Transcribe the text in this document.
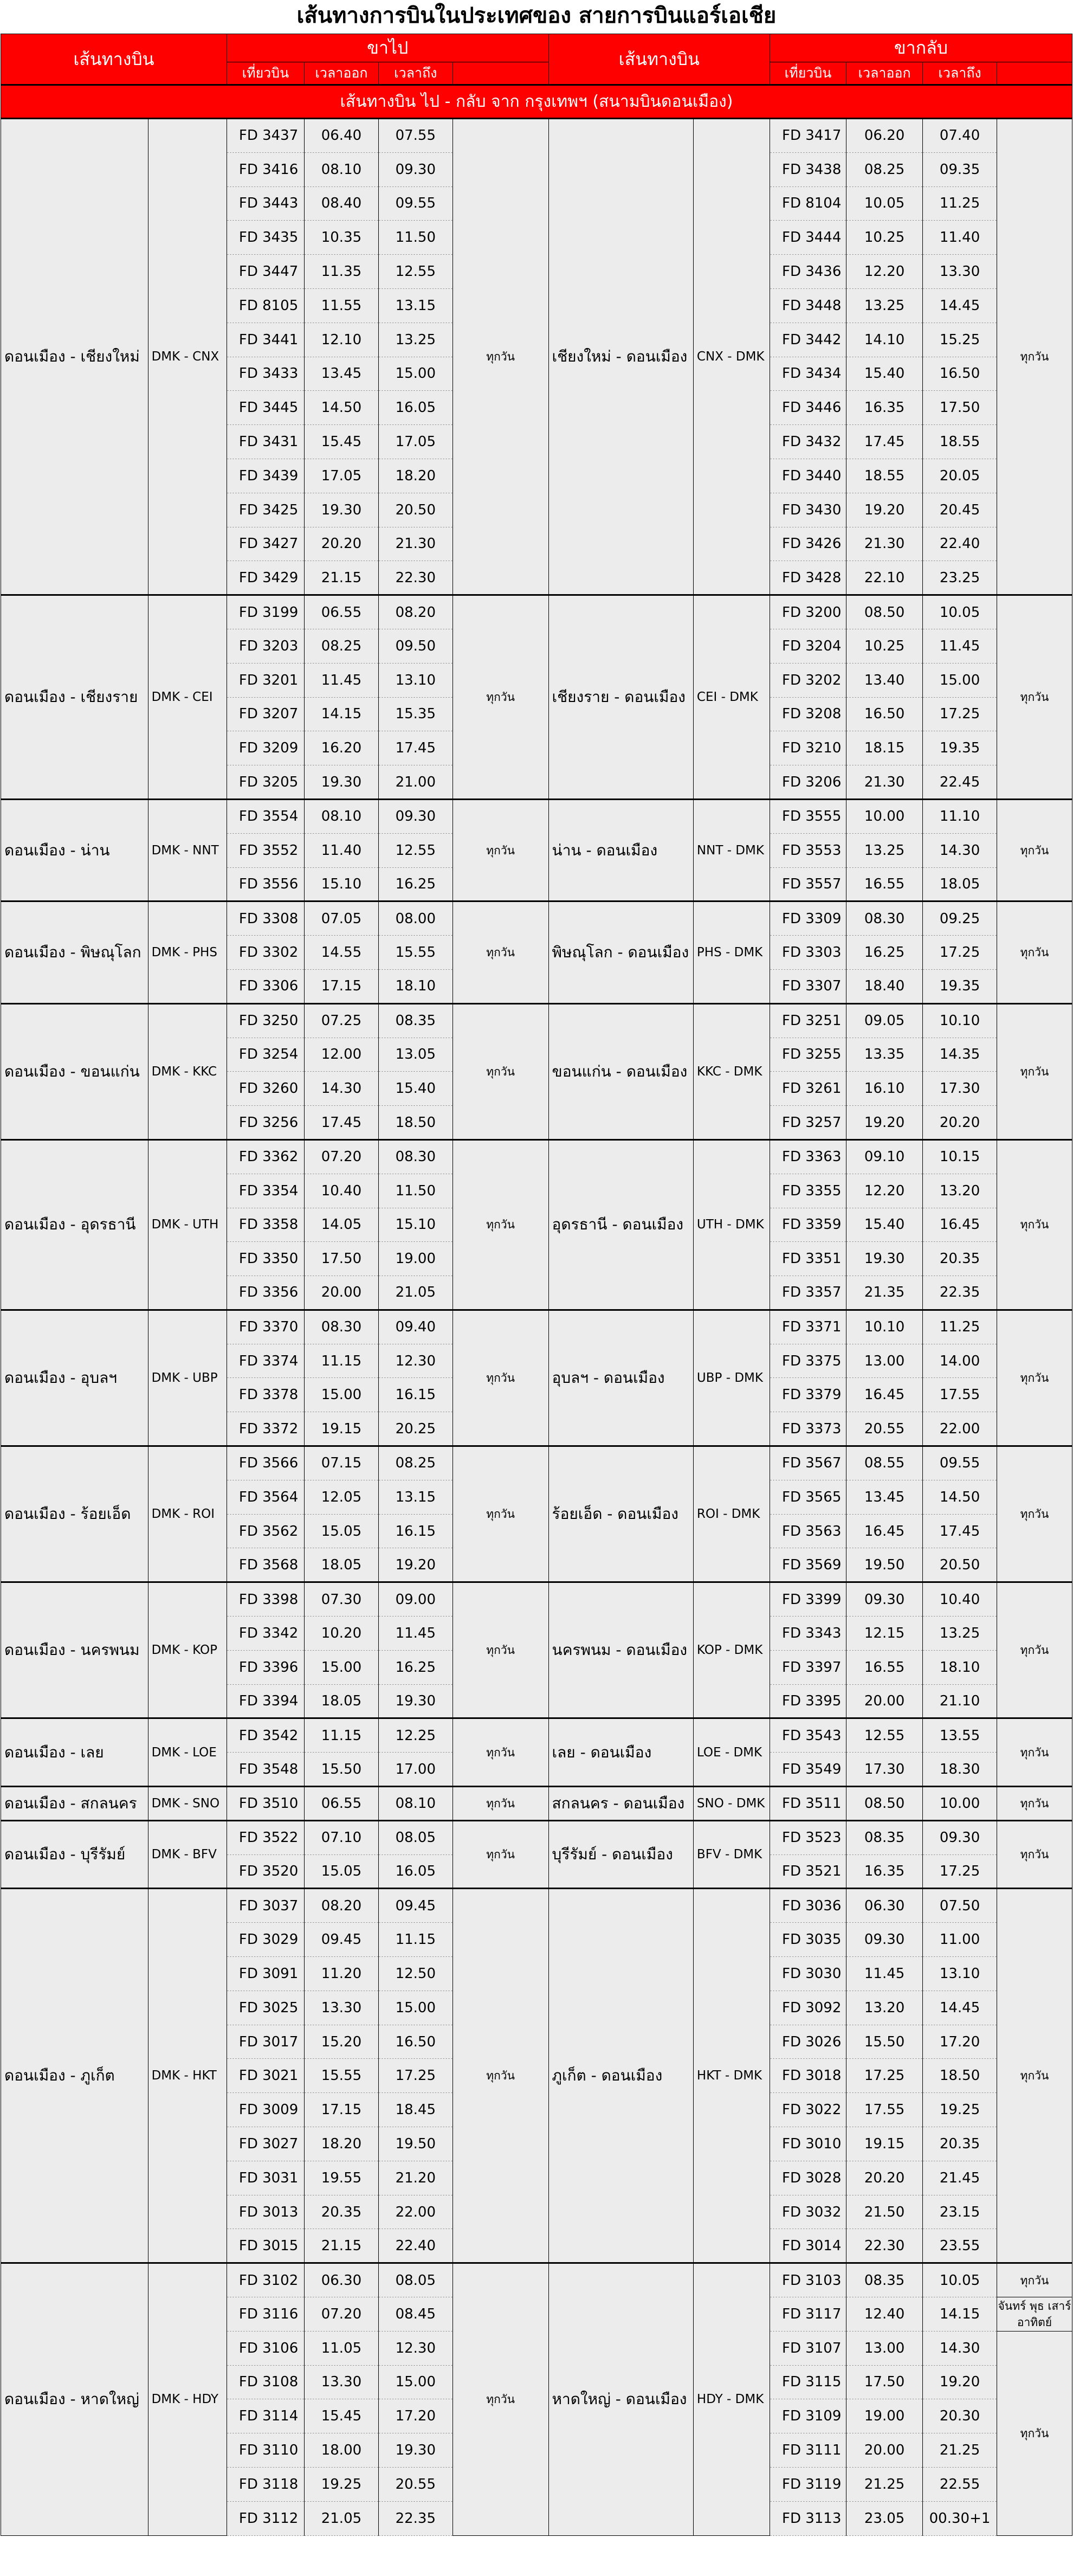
เส้นทางการบินในประเทศของ สายการบินแอร์เอเชีย
เส้นทางบิน		ขาไป				เส้นทางบิน		ขากลับ			
		เที่ยวบิน	เวลาออก	เวลาถึง				เที่ยวบิน	เวลาออก	เวลาถึง	
เส้นทางบิน ไป - กลับ จาก กรุงเทพฯ (สนามบินดอนเมือง)											
ดอนเมือง - เชียงใหม่	DMK - CNX	FD 3437	06.40	07.55	ทุกวัน	เชียงใหม่ - ดอนเมือง	CNX - DMK	FD 3417	06.20	07.40	ทุกวัน
		FD 3416	08.10	09.30				FD 3438	08.25	09.35	
		FD 3443	08.40	09.55				FD 8104	10.05	11.25	
		FD 3435	10.35	11.50				FD 3444	10.25	11.40	
		FD 3447	11.35	12.55				FD 3436	12.20	13.30	
		FD 8105	11.55	13.15				FD 3448	13.25	14.45	
		FD 3441	12.10	13.25				FD 3442	14.10	15.25	
		FD 3433	13.45	15.00				FD 3434	15.40	16.50	
		FD 3445	14.50	16.05				FD 3446	16.35	17.50	
		FD 3431	15.45	17.05				FD 3432	17.45	18.55	
		FD 3439	17.05	18.20				FD 3440	18.55	20.05	
		FD 3425	19.30	20.50				FD 3430	19.20	20.45	
		FD 3427	20.20	21.30				FD 3426	21.30	22.40	
		FD 3429	21.15	22.30				FD 3428	22.10	23.25	
ดอนเมือง - เชียงราย	DMK - CEI	FD 3199	06.55	08.20	ทุกวัน	เชียงราย - ดอนเมือง	CEI - DMK	FD 3200	08.50	10.05	ทุกวัน
		FD 3203	08.25	09.50				FD 3204	10.25	11.45	
		FD 3201	11.45	13.10				FD 3202	13.40	15.00	
		FD 3207	14.15	15.35				FD 3208	16.50	17.25	
		FD 3209	16.20	17.45				FD 3210	18.15	19.35	
		FD 3205	19.30	21.00				FD 3206	21.30	22.45	
ดอนเมือง - น่าน	DMK - NNT	FD 3554	08.10	09.30	ทุกวัน	น่าน - ดอนเมือง	NNT - DMK	FD 3555	10.00	11.10	ทุกวัน
		FD 3552	11.40	12.55				FD 3553	13.25	14.30	
		FD 3556	15.10	16.25				FD 3557	16.55	18.05	
ดอนเมือง - พิษณุโลก	DMK - PHS	FD 3308	07.05	08.00	ทุกวัน	พิษณุโลก - ดอนเมือง	PHS - DMK	FD 3309	08.30	09.25	ทุกวัน
		FD 3302	14.55	15.55				FD 3303	16.25	17.25	
		FD 3306	17.15	18.10				FD 3307	18.40	19.35	
ดอนเมือง - ขอนแก่น	DMK - KKC	FD 3250	07.25	08.35	ทุกวัน	ขอนแก่น - ดอนเมือง	KKC - DMK	FD 3251	09.05	10.10	ทุกวัน
		FD 3254	12.00	13.05				FD 3255	13.35	14.35	
		FD 3260	14.30	15.40				FD 3261	16.10	17.30	
		FD 3256	17.45	18.50				FD 3257	19.20	20.20	
ดอนเมือง - อุดรธานี	DMK - UTH	FD 3362	07.20	08.30	ทุกวัน	อุดรธานี - ดอนเมือง	UTH - DMK	FD 3363	09.10	10.15	ทุกวัน
		FD 3354	10.40	11.50				FD 3355	12.20	13.20	
		FD 3358	14.05	15.10				FD 3359	15.40	16.45	
		FD 3350	17.50	19.00				FD 3351	19.30	20.35	
		FD 3356	20.00	21.05				FD 3357	21.35	22.35	
ดอนเมือง - อุบลฯ	DMK - UBP	FD 3370	08.30	09.40	ทุกวัน	อุบลฯ - ดอนเมือง	UBP - DMK	FD 3371	10.10	11.25	ทุกวัน
		FD 3374	11.15	12.30				FD 3375	13.00	14.00	
		FD 3378	15.00	16.15				FD 3379	16.45	17.55	
		FD 3372	19.15	20.25				FD 3373	20.55	22.00	
ดอนเมือง - ร้อยเอ็ด	DMK - ROI	FD 3566	07.15	08.25	ทุกวัน	ร้อยเอ็ด - ดอนเมือง	ROI - DMK	FD 3567	08.55	09.55	ทุกวัน
		FD 3564	12.05	13.15				FD 3565	13.45	14.50	
		FD 3562	15.05	16.15				FD 3563	16.45	17.45	
		FD 3568	18.05	19.20				FD 3569	19.50	20.50	
ดอนเมือง - นครพนม	DMK - KOP	FD 3398	07.30	09.00	ทุกวัน	นครพนม - ดอนเมือง	KOP - DMK	FD 3399	09.30	10.40	ทุกวัน
		FD 3342	10.20	11.45				FD 3343	12.15	13.25	
		FD 3396	15.00	16.25				FD 3397	16.55	18.10	
		FD 3394	18.05	19.30				FD 3395	20.00	21.10	
ดอนเมือง - เลย	DMK - LOE	FD 3542	11.15	12.25	ทุกวัน	เลย - ดอนเมือง	LOE - DMK	FD 3543	12.55	13.55	ทุกวัน
		FD 3548	15.50	17.00				FD 3549	17.30	18.30	
ดอนเมือง - สกลนคร	DMK - SNO	FD 3510	06.55	08.10	ทุกวัน	สกลนคร - ดอนเมือง	SNO - DMK	FD 3511	08.50	10.00	ทุกวัน
ดอนเมือง - บุรีรัมย์	DMK - BFV	FD 3522	07.10	08.05	ทุกวัน	บุรีรัมย์ - ดอนเมือง	BFV - DMK	FD 3523	08.35	09.30	ทุกวัน
		FD 3520	15.05	16.05				FD 3521	16.35	17.25	
ดอนเมือง - ภูเก็ต	DMK - HKT	FD 3037	08.20	09.45	ทุกวัน	ภูเก็ต - ดอนเมือง	HKT - DMK	FD 3036	06.30	07.50	ทุกวัน
		FD 3029	09.45	11.15				FD 3035	09.30	11.00	
		FD 3091	11.20	12.50				FD 3030	11.45	13.10	
		FD 3025	13.30	15.00				FD 3092	13.20	14.45	
		FD 3017	15.20	16.50				FD 3026	15.50	17.20	
		FD 3021	15.55	17.25				FD 3018	17.25	18.50	
		FD 3009	17.15	18.45				FD 3022	17.55	19.25	
		FD 3027	18.20	19.50				FD 3010	19.15	20.35	
		FD 3031	19.55	21.20				FD 3028	20.20	21.45	
		FD 3013	20.35	22.00				FD 3032	21.50	23.15	
		FD 3015	21.15	22.40				FD 3014	22.30	23.55	
ดอนเมือง - หาดใหญ่	DMK - HDY	FD 3102	06.30	08.05	ทุกวัน	หาดใหญ่ - ดอนเมือง	HDY - DMK	FD 3103	08.35	10.05	ทุกวัน
		FD 3116	07.20	08.45				FD 3117	12.40	14.15	จันทร์ พุธ เสาร์ อาทิตย์
		FD 3106	11.05	12.30				FD 3107	13.00	14.30	ทุกวัน
		FD 3108	13.30	15.00				FD 3115	17.50	19.20	
		FD 3114	15.45	17.20				FD 3109	19.00	20.30	
		FD 3110	18.00	19.30				FD 3111	20.00	21.25	
		FD 3118	19.25	20.55				FD 3119	21.25	22.55	
		FD 3112	21.05	22.35				FD 3113	23.05	00.30+1	
